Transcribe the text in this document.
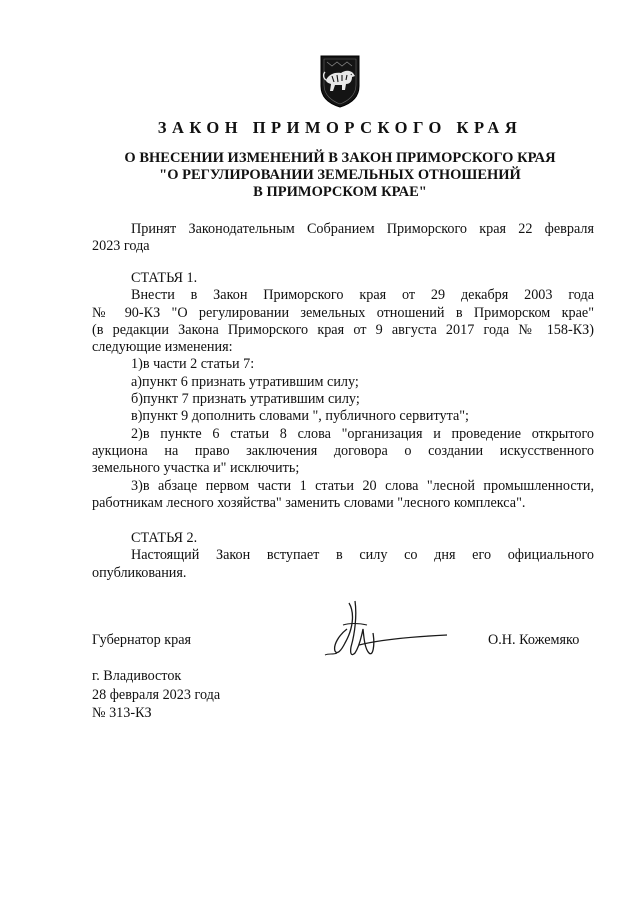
ЗАКОН ПРИМОРСКОГО КРАЯ
О ВНЕСЕНИИ ИЗМЕНЕНИЙ В ЗАКОН ПРИМОРСКОГО КРАЯ
"О РЕГУЛИРОВАНИИ ЗЕМЕЛЬНЫХ ОТНОШЕНИЙ
В ПРИМОРСКОМ КРАЕ"
Принят Законодательным Собранием Приморского края 22 февраля
2023 года
СТАТЬЯ 1.
Внести в Закон Приморского края от 29 декабря 2003 года
№ 90-КЗ "О регулировании земельных отношений в Приморском крае"
(в редакции Закона Приморского края от 9 августа 2017 года № 158-КЗ)
следующие изменения:
1)в части 2 статьи 7:
а)пункт 6 признать утратившим силу;
б)пункт 7 признать утратившим силу;
в)пункт 9 дополнить словами ", публичного сервитута";
2)в пункте 6 статьи 8 слова "организация и проведение открытого
аукциона на право заключения договора о создании искусственного
земельного участка и" исключить;
3)в абзаце первом части 1 статьи 20 слова "лесной промышленности,
работникам лесного хозяйства" заменить словами "лесного комплекса".
СТАТЬЯ 2.
Настоящий Закон вступает в силу со дня его официального
опубликования.
Губернатор края	О.Н. Кожемяко
г. Владивосток
28 февраля 2023 года
№ 313-КЗ
